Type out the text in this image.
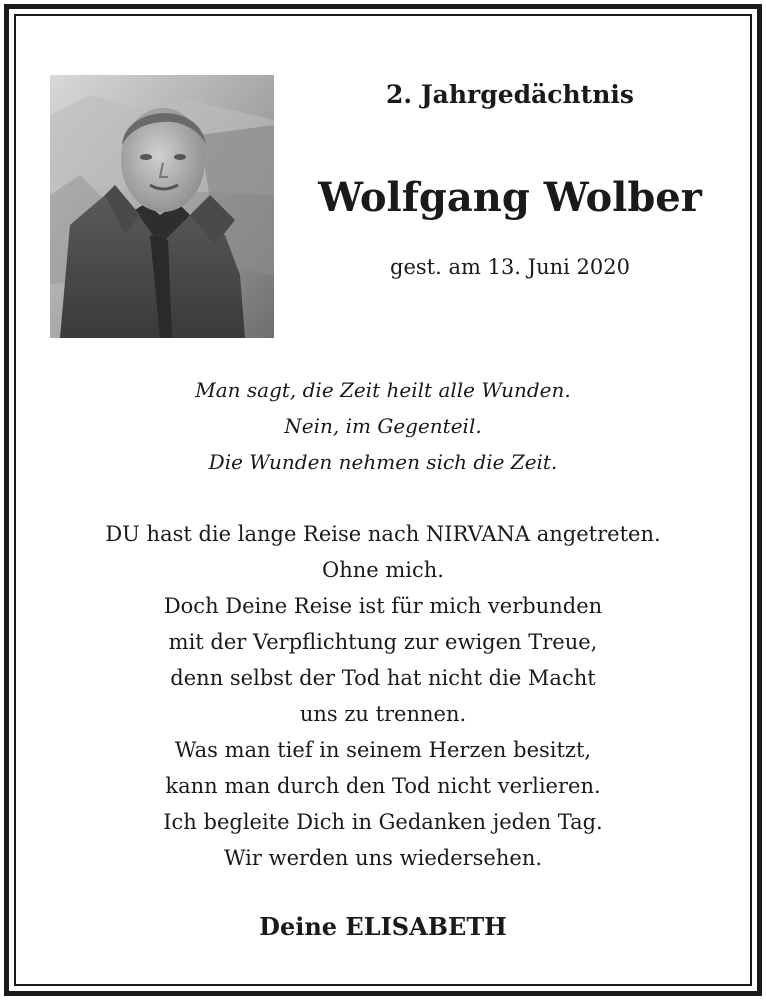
2. Jahrgedächtnis
Wolfgang Wolber
gest. am 13. Juni 2020
Man sagt, die Zeit heilt alle Wunden.
Nein, im Gegenteil.
Die Wunden nehmen sich die Zeit.
DU hast die lange Reise nach NIRVANA angetreten.
Ohne mich.
Doch Deine Reise ist für mich verbunden
mit der Verpflichtung zur ewigen Treue,
denn selbst der Tod hat nicht die Macht
uns zu trennen.
Was man tief in seinem Herzen besitzt,
kann man durch den Tod nicht verlieren.
Ich begleite Dich in Gedanken jeden Tag.
Wir werden uns wiedersehen.
Deine ELISABETH
